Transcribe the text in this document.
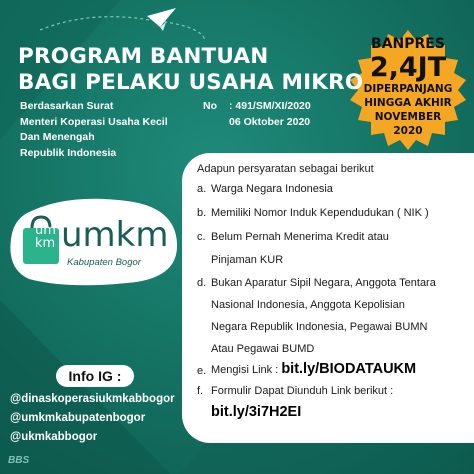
BANPRES
2,4JT
DIPERPANJANG
HINGGA AKHIR
NOVEMBER
2020
PROGRAM BANTUAN
BAGI PELAKU USAHA MIKRO
Berdasarkan Surat
Menteri Koperasi Usaha Kecil
Dan Menengah
Republik Indonesia
No : 491/SM/XI/2020
06 Oktober 2020
Adapun persyaratan sebagai berikut
a. Warga Negara Indonesia
b. Memiliki Nomor Induk Kependudukan ( NIK )
c. Belum Pernah Menerima Kredit atau
Pinjaman KUR
d. Bukan Aparatur Sipil Negara, Anggota Tentara
Nasional Indonesia, Anggota Kepolisian
Negara Republik Indonesia, Pegawai BUMN
Atau Pegawai BUMD
e. Mengisi Link : bit.ly/BIODATAUKM
f. Formulir Dapat Diunduh Link berikut :
bit.ly/3i7H2EI
um
km umkm
Kabupaten Bogor
Info IG :
@dinaskoperasiukmkabbogor
@umkmkabupatenbogor
@ukmkabbogor
BBS
